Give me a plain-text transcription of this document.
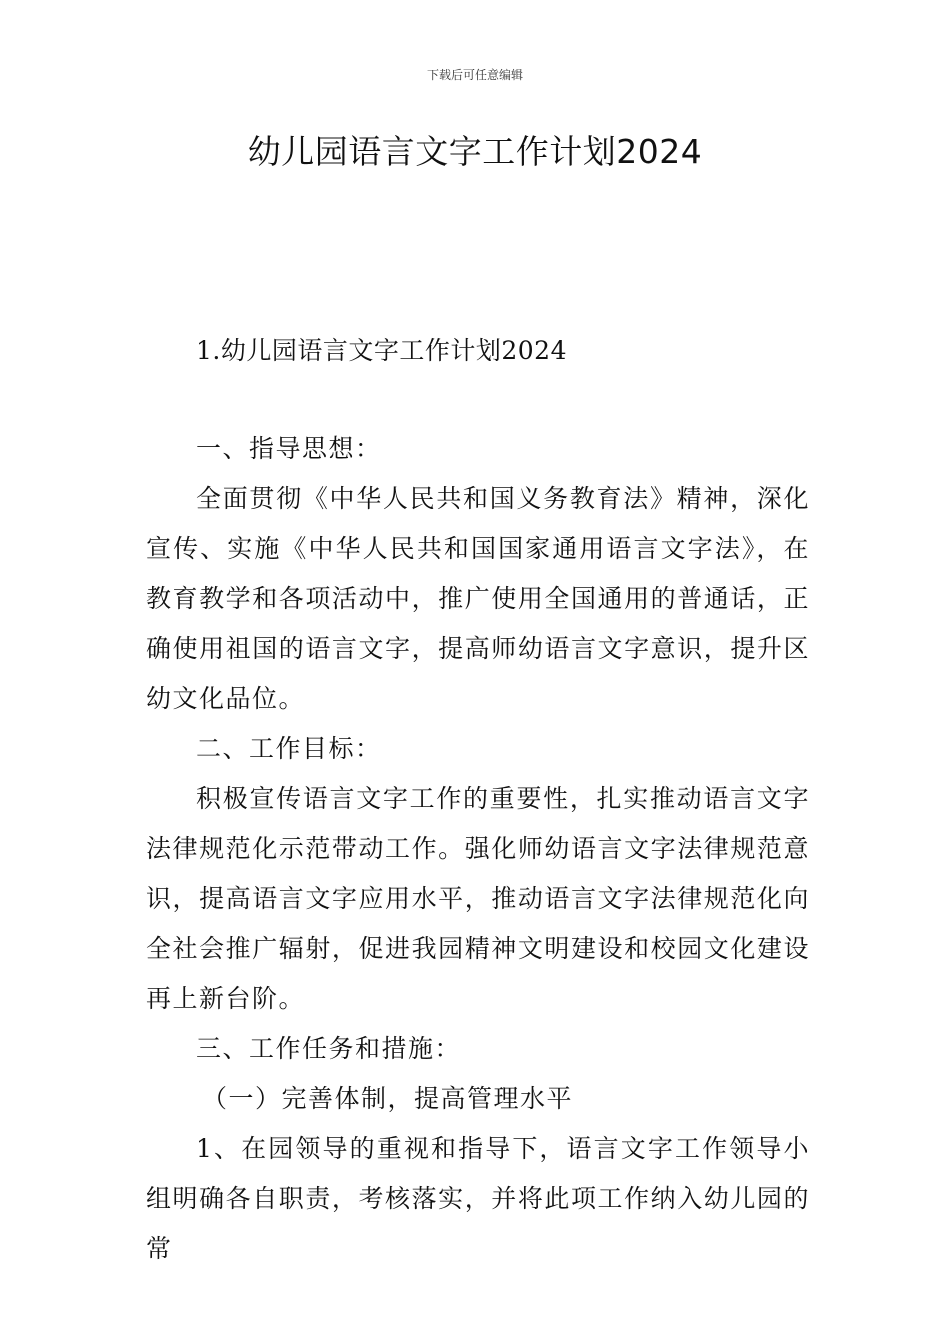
下载后可任意编辑
幼儿园语言文字工作计划2024
1.幼儿园语言文字工作计划2024

一、指导思想：

全面贯彻《中华人民共和国义务教育法》精神，深化宣传、实施《中华人民共和国国家通用语言文字法》，在教育教学和各项活动中，推广使用全国通用的普通话，正确使用祖国的语言文字，提高师幼语言文字意识，提升区幼文化品位。

二、工作目标：

积极宣传语言文字工作的重要性，扎实推动语言文字法律规范化示范带动工作。强化师幼语言文字法律规范意识，提高语言文字应用水平，推动语言文字法律规范化向全社会推广辐射，促进我园精神文明建设和校园文化建设再上新台阶。

三、工作任务和措施：

（一）完善体制，提高管理水平

1、在园领导的重视和指导下，语言文字工作领导小组明确各自职责，考核落实，并将此项工作纳入幼儿园的常
